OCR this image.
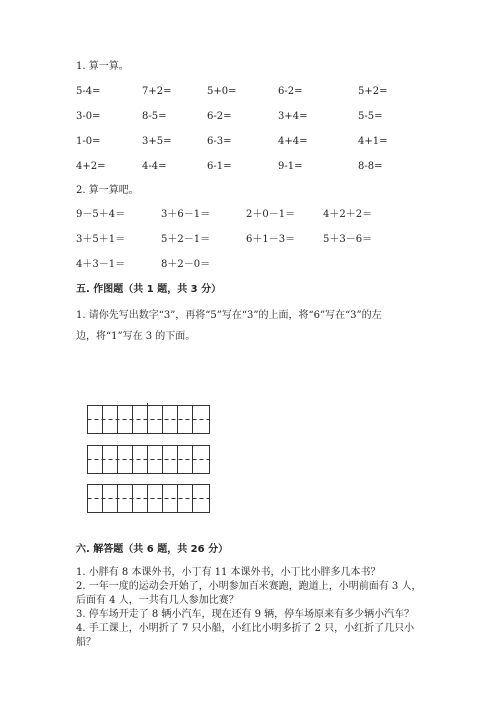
1. 算一算。
5-4=	7+2=	5+0=	6-2=	5+2=
3-0=	8-5=	6-2=	3+4=	5-5=
1-0=	3+5=	6-3=	4+4=	4+1=
4+2=	4-4=	6-1=	9-1=	8-8=
2. 算一算吧。
9－5＋4＝	3＋6－1＝	2＋0－1＝	4＋2＋2＝
3＋5＋1＝	5＋2－1＝	6＋1－3＝	5＋3－6＝
4＋3－1＝	8＋2－0＝
五. 作图题（共 1 题，共 3 分）
1. 请你先写出数字“3”，再将“5”写在“3”的上面，将“6”写在“3”的左
边，将“1”写在 3 的下面。
六. 解答题（共 6 题，共 26 分）
1. 小胖有 8 本课外书，小丁有 11 本课外书，小丁比小胖多几本书？
2. 一年一度的运动会开始了，小明参加百米赛跑，跑道上，小明前面有 3 人，
后面有 4 人，一共有几人参加比赛？
3. 停车场开走了 8 辆小汽车，现在还有 9 辆，停车场原来有多少辆小汽车？
4. 手工课上，小明折了 7 只小船，小红比小明多折了 2 只，小红折了几只小
船？
